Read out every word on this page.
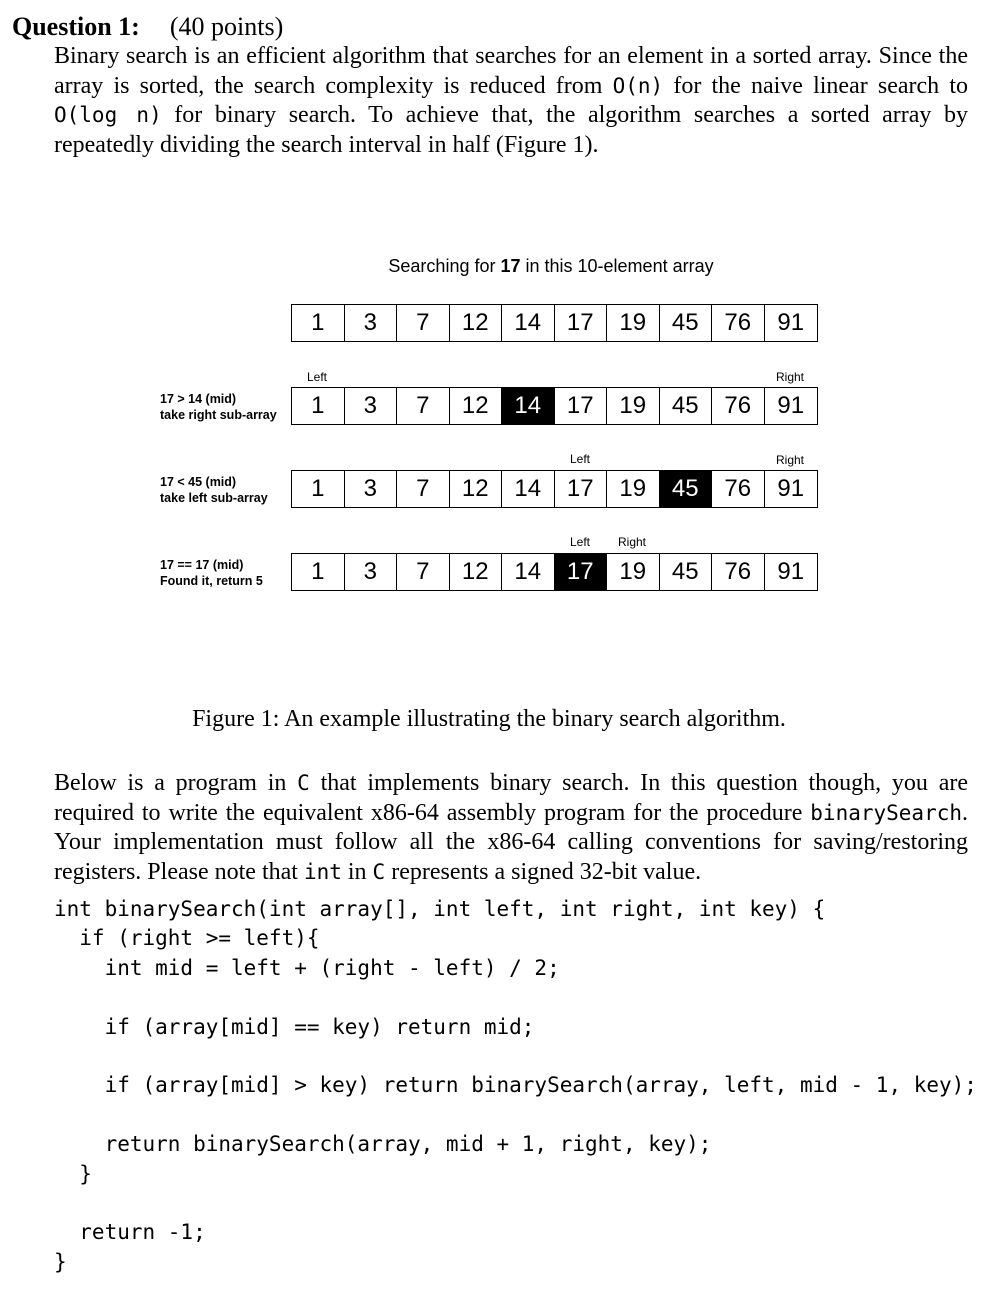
Question 1: (40 points)

Binary search is an efficient algorithm that searches for an element in a sorted array. Since the array is sorted, the search complexity is reduced from O(n) for the naive linear search to O(log n) for binary search. To achieve that, the algorithm searches a sorted array by repeatedly dividing the search interval in half (Figure 1).

Searching for 17 in this 10-element array
1	3	7	12	14	17	19	45	76	91
Left	Right
17 > 14 (mid)
take right sub-array	1	3	7	12	14	17	19	45	76	91
Left	Right
17 < 45 (mid)
take left sub-array	1	3	7	12	14	17	19	45	76	91
Left Right
17 == 17 (mid)
Found it, return 5	1	3	7	12	14	17	19	45	76	91
Figure 1: An example illustrating the binary search algorithm.

Below is a program in C that implements binary search. In this question though, you are required to write the equivalent x86-64 assembly program for the procedure binarySearch. Your implementation must follow all the x86-64 calling conventions for saving/restoring registers. Please note that int in C represents a signed 32-bit value.

int binarySearch(int array[], int left, int right, int key) {
if (right >= left){
int mid = left + (right - left) / 2;

if (array[mid] == key) return mid;

if (array[mid] > key) return binarySearch(array, left, mid - 1, key);

return binarySearch(array, mid + 1, right, key);
}

return -1;
}
